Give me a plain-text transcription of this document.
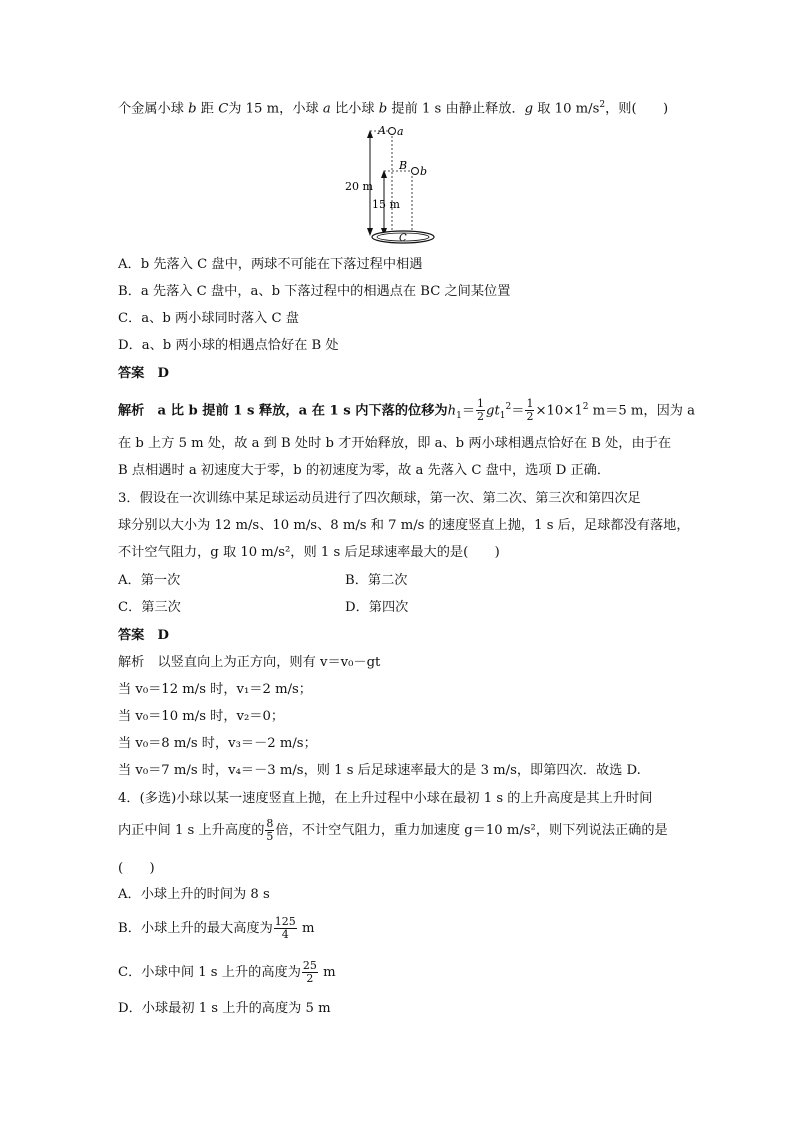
个金属小球 b 距 C为 15 m，小球 a 比小球 b 提前 1 s 由静止释放．g 取 10 $m/s^2$，则(　　)
A a
B b
C
20 m
15 m
A．b 先落入 C 盘中，两球不可能在下落过程中相遇
B．a 先落入 C 盘中，a、b 下落过程中的相遇点在 BC 之间某位置
C．a、b 两小球同时落入 C 盘
D．a、b 两小球的相遇点恰好在 B 处
答案　D
解析　a 比 b 提前 1 s 释放，a 在 1 s 内下落的位移为$h_1= \frac{1}{2} gt_1^2= \frac{1}{2} \times 10\times 1^2$ m＝5 m，因为 a
在 b 上方 5 m 处，故 a 到 B 处时 b 才开始释放，即 a、b 两小球相遇点恰好在 B 处，由于在
B 点相遇时 a 初速度大于零，b 的初速度为零，故 a 先落入 C 盘中，选项 D 正确．
3．假设在一次训练中某足球运动员进行了四次颠球，第一次、第二次、第三次和第四次足
球分别以大小为 12 m/s、10 m/s、8 m/s 和 7 m/s 的速度竖直上抛，1 s 后，足球都没有落地，
不计空气阻力，g 取 10 m/s²，则 1 s 后足球速率最大的是(　　)
A．第一次	B．第二次
C．第三次	D．第四次
答案　D
解析　以竖直向上为正方向，则有 v＝v₀－gt
当 v₀＝12 m/s 时，v₁＝2 m/s；
当 v₀＝10 m/s 时，v₂＝0；
当 v₀＝8 m/s 时，v₃＝－2 m/s；
当 v₀＝7 m/s 时，v₄＝－3 m/s，则 1 s 后足球速率最大的是 3 m/s，即第四次．故选 D.
4．(多选)小球以某一速度竖直上抛，在上升过程中小球在最初 1 s 的上升高度是其上升时间
内正中间 1 s 上升高度的 $\frac{8}{5}$ 倍，不计空气阻力，重力加速度 g＝10 m/s²，则下列说法正确的是
(　　)
A．小球上升的时间为 8 s
B．小球上升的最大高度为 $\frac{125}{4}$ m
C．小球中间 1 s 上升的高度为 $\frac{25}{2}$ m
D．小球最初 1 s 上升的高度为 5 m
